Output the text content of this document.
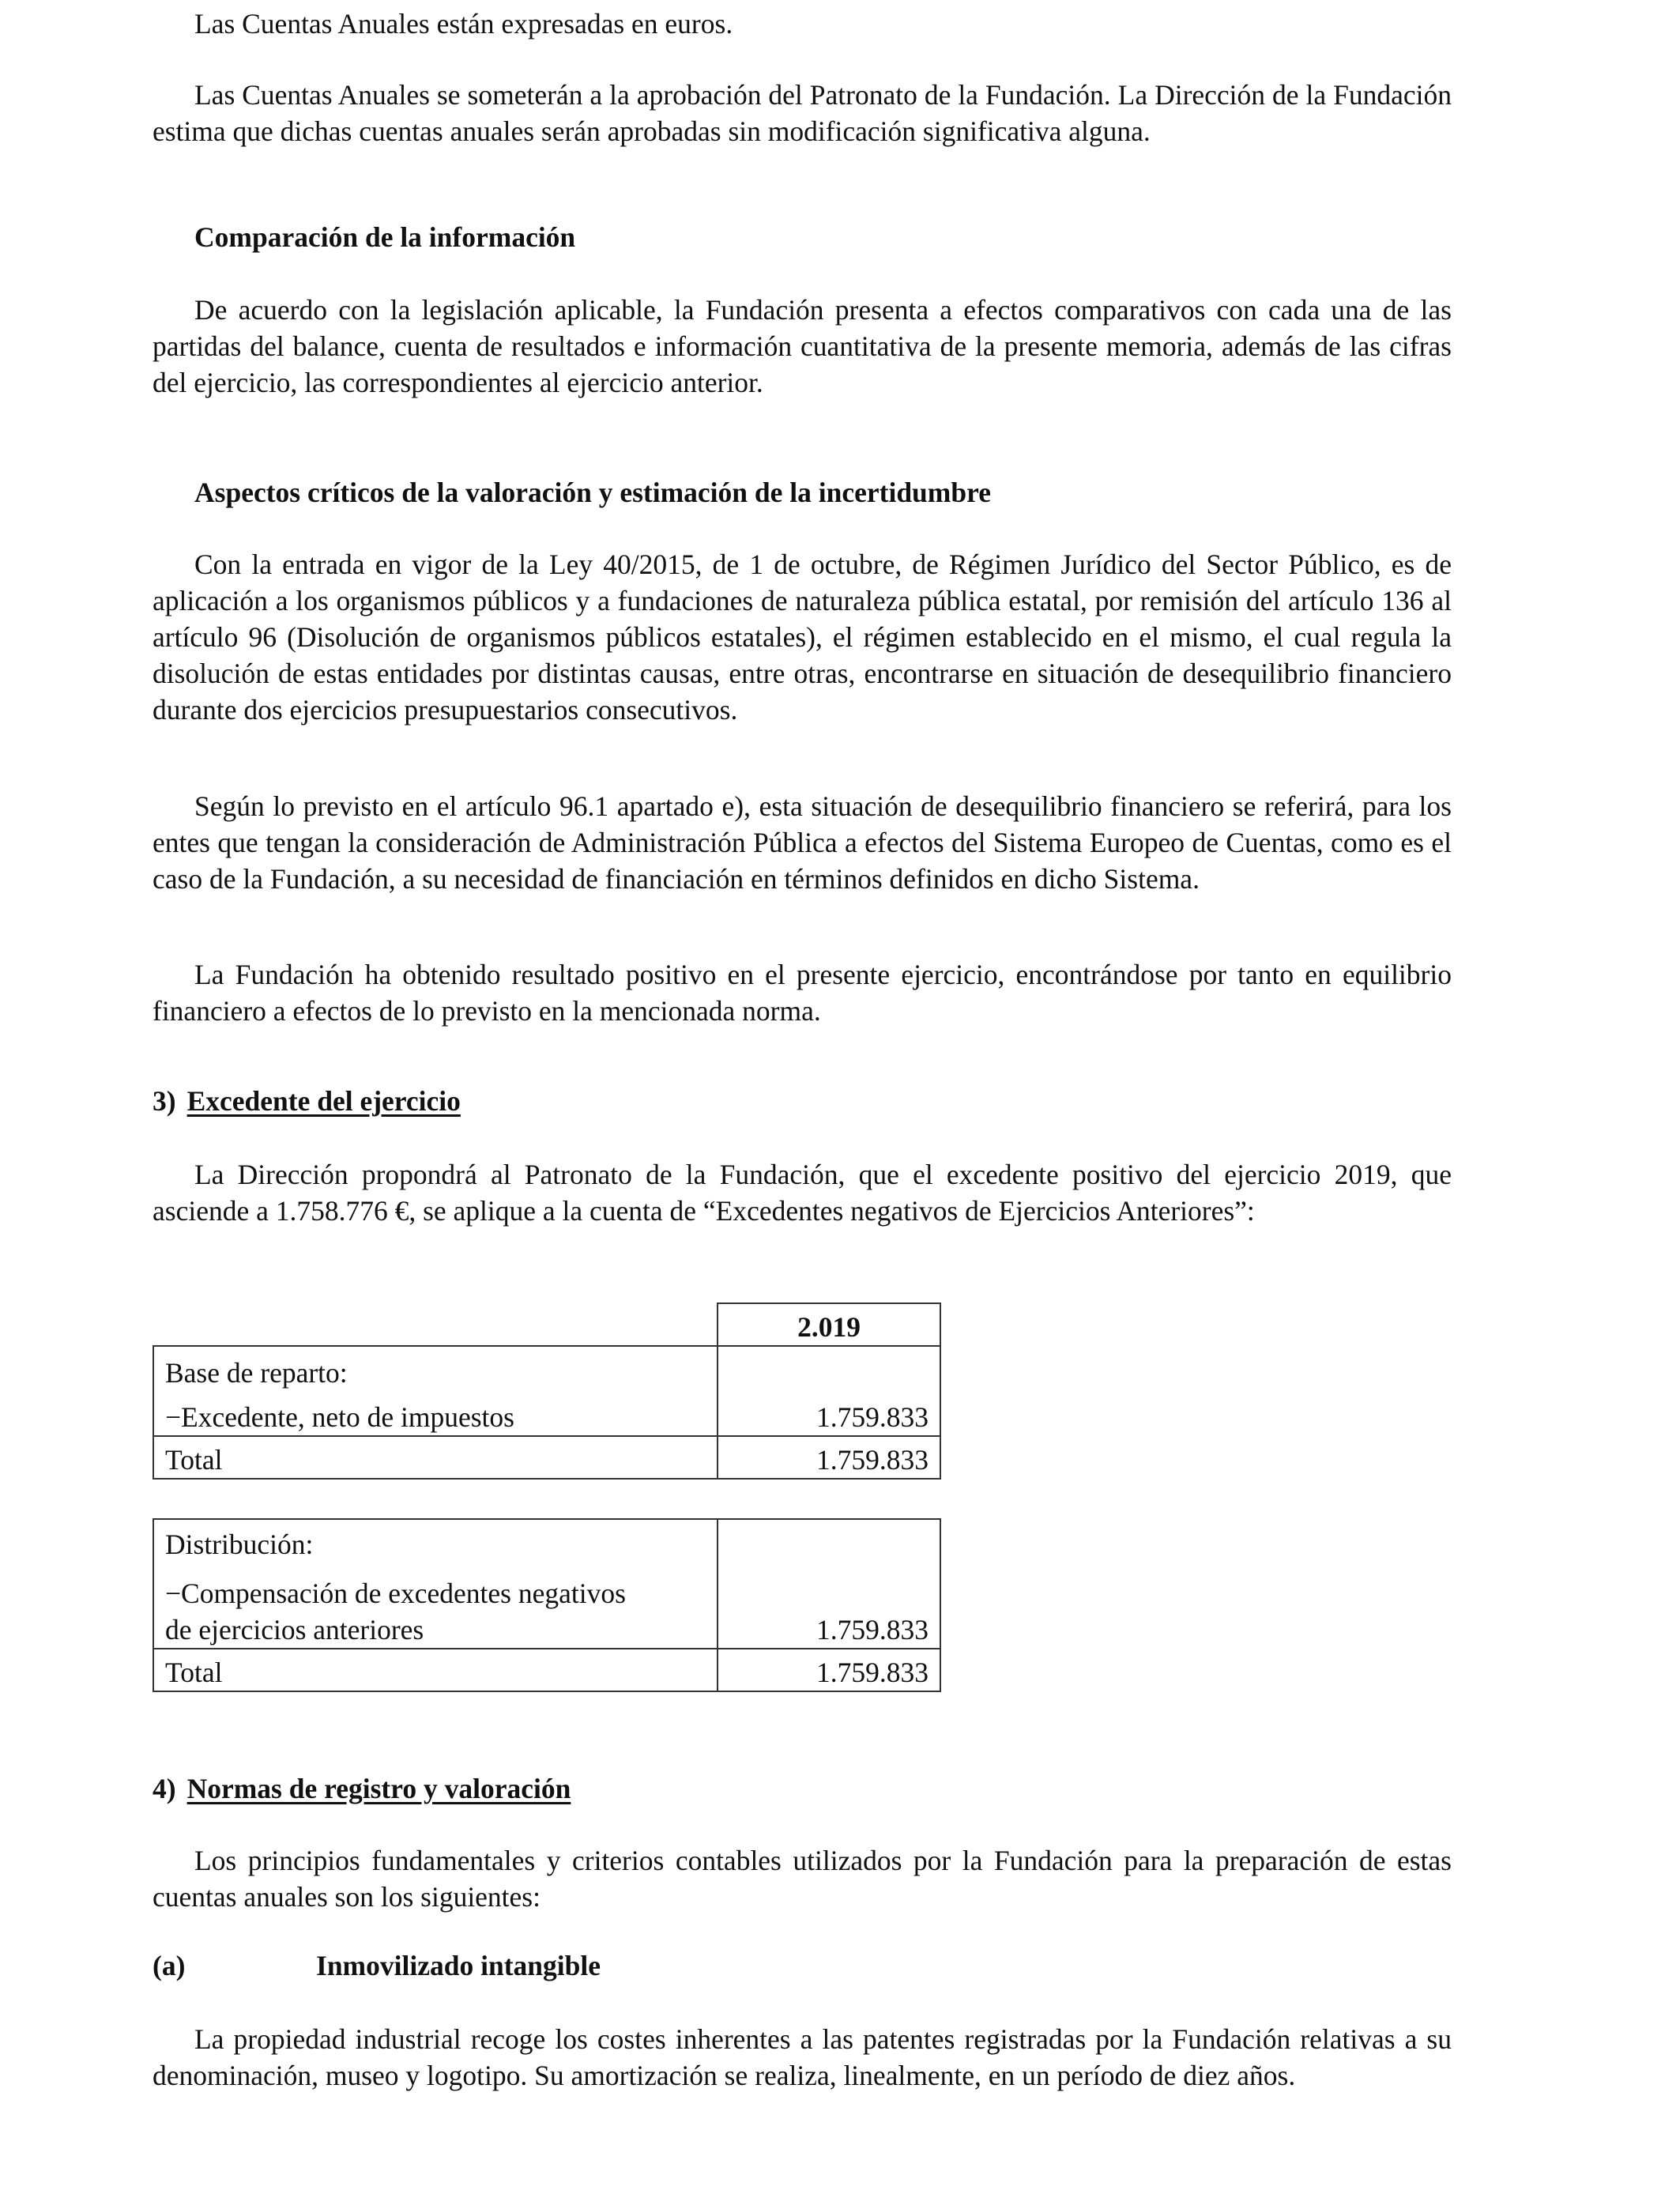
Las Cuentas Anuales están expresadas en euros.

Las Cuentas Anuales se someterán a la aprobación del Patronato de la Fundación. La Dirección de la Fundación estima que dichas cuentas anuales serán aprobadas sin modificación significativa alguna.

Comparación de la información

De acuerdo con la legislación aplicable, la Fundación presenta a efectos comparativos con cada una de las partidas del balance, cuenta de resultados e información cuantitativa de la presente memoria, además de las cifras del ejercicio, las correspondientes al ejercicio anterior.

Aspectos críticos de la valoración y estimación de la incertidumbre

Con la entrada en vigor de la Ley 40/2015, de 1 de octubre, de Régimen Jurídico del Sector Público, es de aplicación a los organismos públicos y a fundaciones de naturaleza pública estatal, por remisión del artículo 136 al artículo 96 (Disolución de organismos públicos estatales), el régimen establecido en el mismo, el cual regula la disolución de estas entidades por distintas causas, entre otras, encontrarse en situación de desequilibrio financiero durante dos ejercicios presupuestarios consecutivos.

Según lo previsto en el artículo 96.1 apartado e), esta situación de desequilibrio financiero se referirá, para los entes que tengan la consideración de Administración Pública a efectos del Sistema Europeo de Cuentas, como es el caso de la Fundación, a su necesidad de financiación en términos definidos en dicho Sistema.

La Fundación ha obtenido resultado positivo en el presente ejercicio, encontrándose por tanto en equilibrio financiero a efectos de lo previsto en la mencionada norma.

3) Excedente del ejercicio

La Dirección propondrá al Patronato de la Fundación, que el excedente positivo del ejercicio 2019, que asciende a 1.758.776 €, se aplique a la cuenta de “Excedentes negativos de Ejercicios Anteriores”:

	2.019

Base de reparto:
−Excedente, neto de impuestos	1.759.833
Total	1.759.833
Distribución:
−Compensación de excedentes negativos
de ejercicios anteriores	1.759.833
Total	1.759.833

4) Normas de registro y valoración

Los principios fundamentales y criterios contables utilizados por la Fundación para la preparación de estas cuentas anuales son los siguientes:

(a)	Inmovilizado intangible

La propiedad industrial recoge los costes inherentes a las patentes registradas por la Fundación relativas a su denominación, museo y logotipo. Su amortización se realiza, linealmente, en un período de diez años.
